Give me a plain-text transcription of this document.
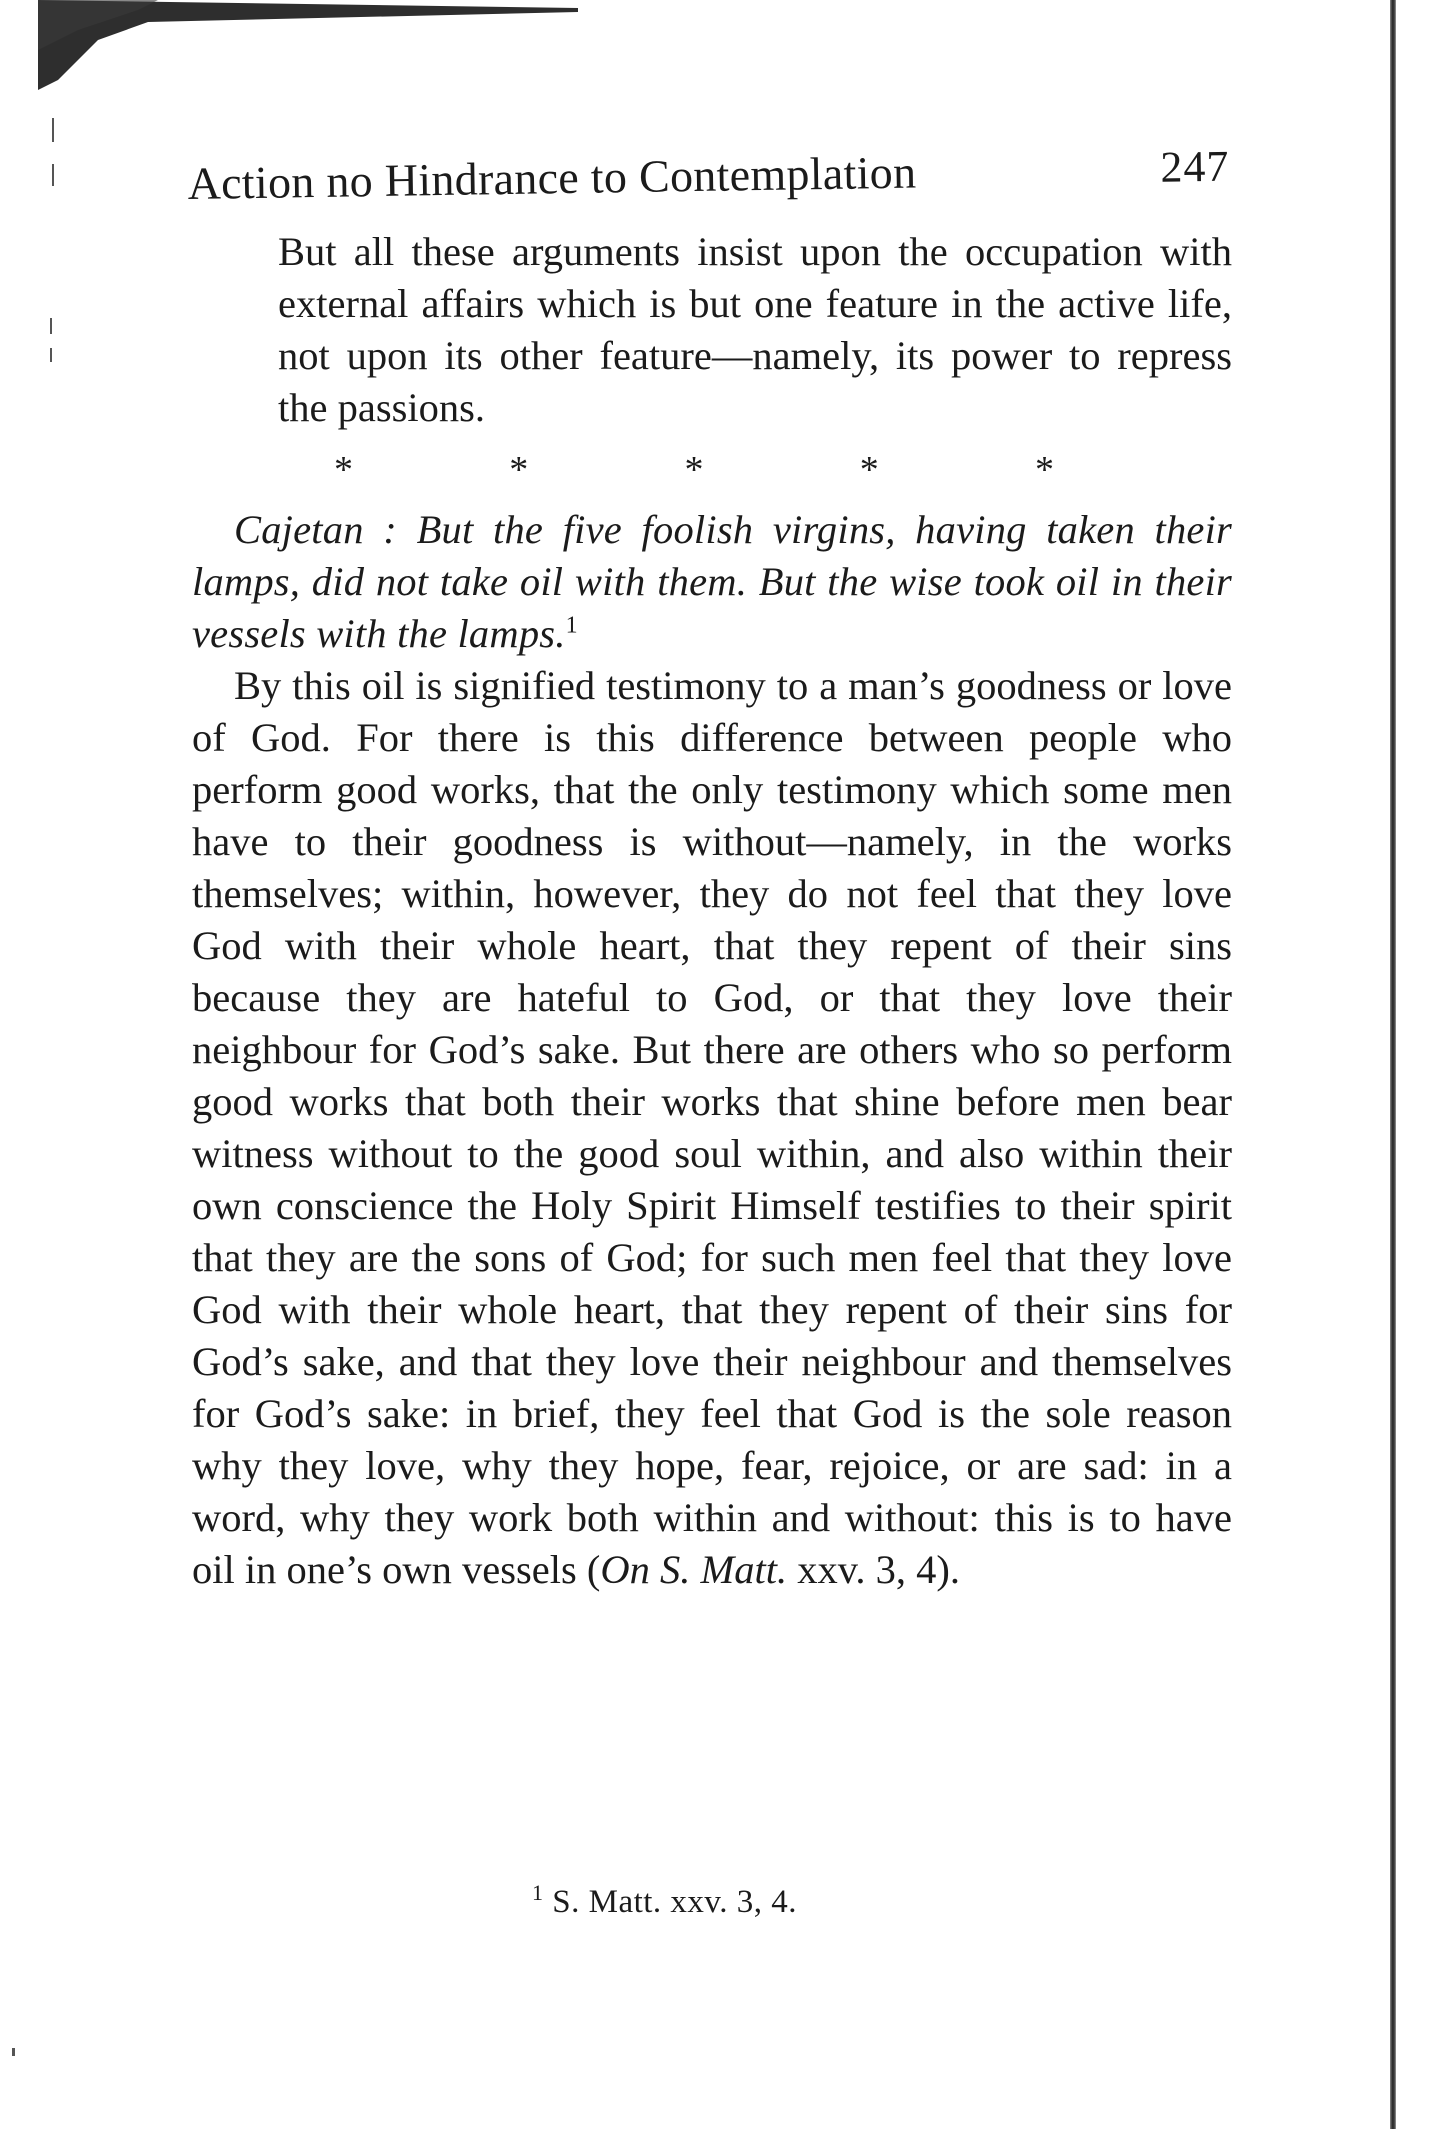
Action no Hindrance to Contemplation	247

But all these arguments insist upon the occupation with external affairs which is but one feature in the active life, not upon its other feature—namely, its power to repress the passions.

*	*	*	*	*

Cajetan : But the five foolish virgins, having taken their lamps, did not take oil with them. But the wise took oil in their vessels with the lamps.$^1$

By this oil is signified testimony to a man’s goodness or love of God. For there is this difference between people who perform good works, that the only testimony which some men have to their goodness is without—namely, in the works themselves; within, however, they do not feel that they love God with their whole heart, that they repent of their sins because they are hateful to God, or that they love their neighbour for God’s sake. But there are others who so perform good works that both their works that shine before men bear witness without to the good soul within, and also within their own conscience the Holy Spirit Himself testifies to their spirit that they are the sons of God; for such men feel that they love God with their whole heart, that they repent of their sins for God’s sake, and that they love their neighbour and themselves for God’s sake: in brief, they feel that God is the sole reason why they love, why they hope, fear, rejoice, or are sad: in a word, why they work both within and without: this is to have oil in one’s own vessels (On S. Matt. xxv. 3, 4).

$^1$ S. Matt. xxv. 3, 4.
